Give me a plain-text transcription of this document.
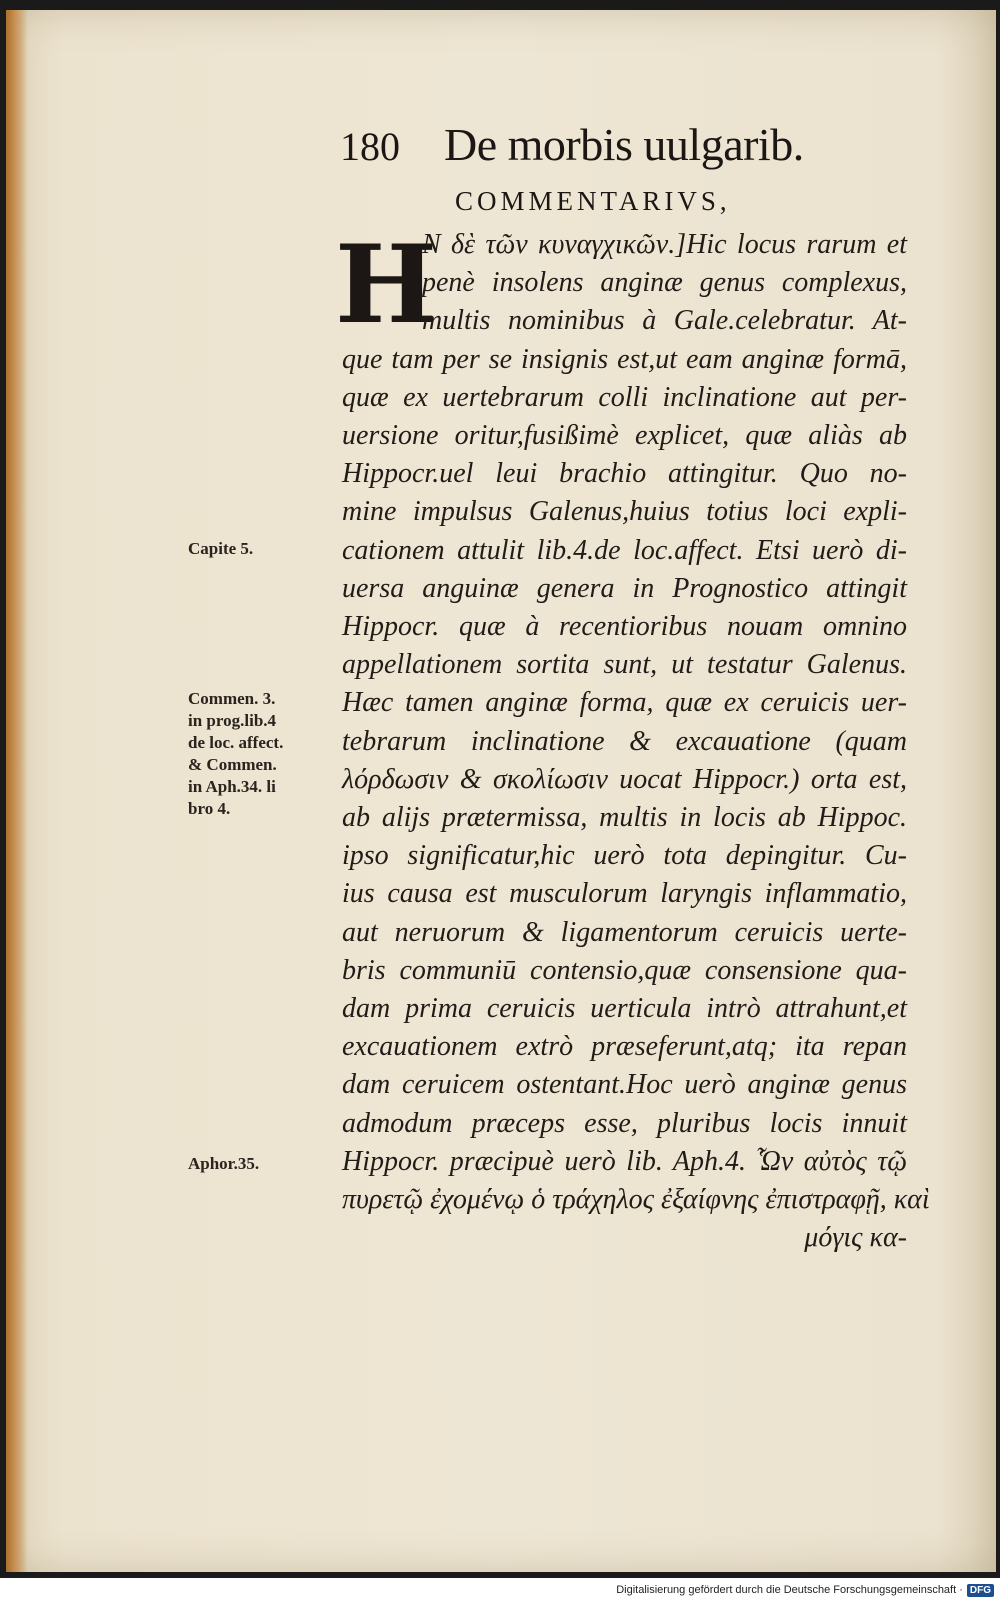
180 De morbis uulgarib.
COMMENTARIVS,
H
N δὲ τῶν κυναγχικῶν.]Hic locus rarum et
penè insolens anginæ genus complexus,
multis nominibus à Gale.celebratur. At-
que tam per se insignis est,ut eam anginæ formā,
quæ ex uertebrarum colli inclinatione aut per-
uersione oritur,fusißimè explicet, quæ aliàs ab
Hippocr.uel leui brachio attingitur. Quo no-
mine impulsus Galenus,huius totius loci expli-
cationem attulit lib.4.de loc.affect. Etsi uerò di-
uersa anguinæ genera in Prognostico attingit
Hippocr. quæ à recentioribus nouam omnino
appellationem sortita sunt, ut testatur Galenus.
Hæc tamen anginæ forma, quæ ex ceruicis uer-
tebrarum inclinatione & excauatione (quam
λόρδωσιν & σκολίωσιν uocat Hippocr.) orta est,
ab alijs prætermissa, multis in locis ab Hippoc.
ipso significatur,hic uerò tota depingitur. Cu-
ius causa est musculorum laryngis inflammatio,
aut neruorum & ligamentorum ceruicis uerte-
bris communiū contensio,quæ consensione qua-
dam prima ceruicis uerticula intrò attrahunt,et
excauationem extrò præseferunt,atq; ita repan
dam ceruicem ostentant.Hoc uerò anginæ genus
admodum præceps esse, pluribus locis innuit
Hippocr. præcipuè uerò lib. Aph.4. Ὧν αὐτὸς τῷ
πυρετῷ ἐχομένῳ ὁ τράχηλος ἐξαίφνης ἐπιστραφῇ, καὶ
μόγις κα-
Capite 5.
Commen. 3.
in prog.lib.4
de loc. affect.
& Commen.
in Aph.34. li
bro 4.
Aphor.35.
Digitalisierung gefördert durch die Deutsche Forschungsgemeinschaft · DFG
